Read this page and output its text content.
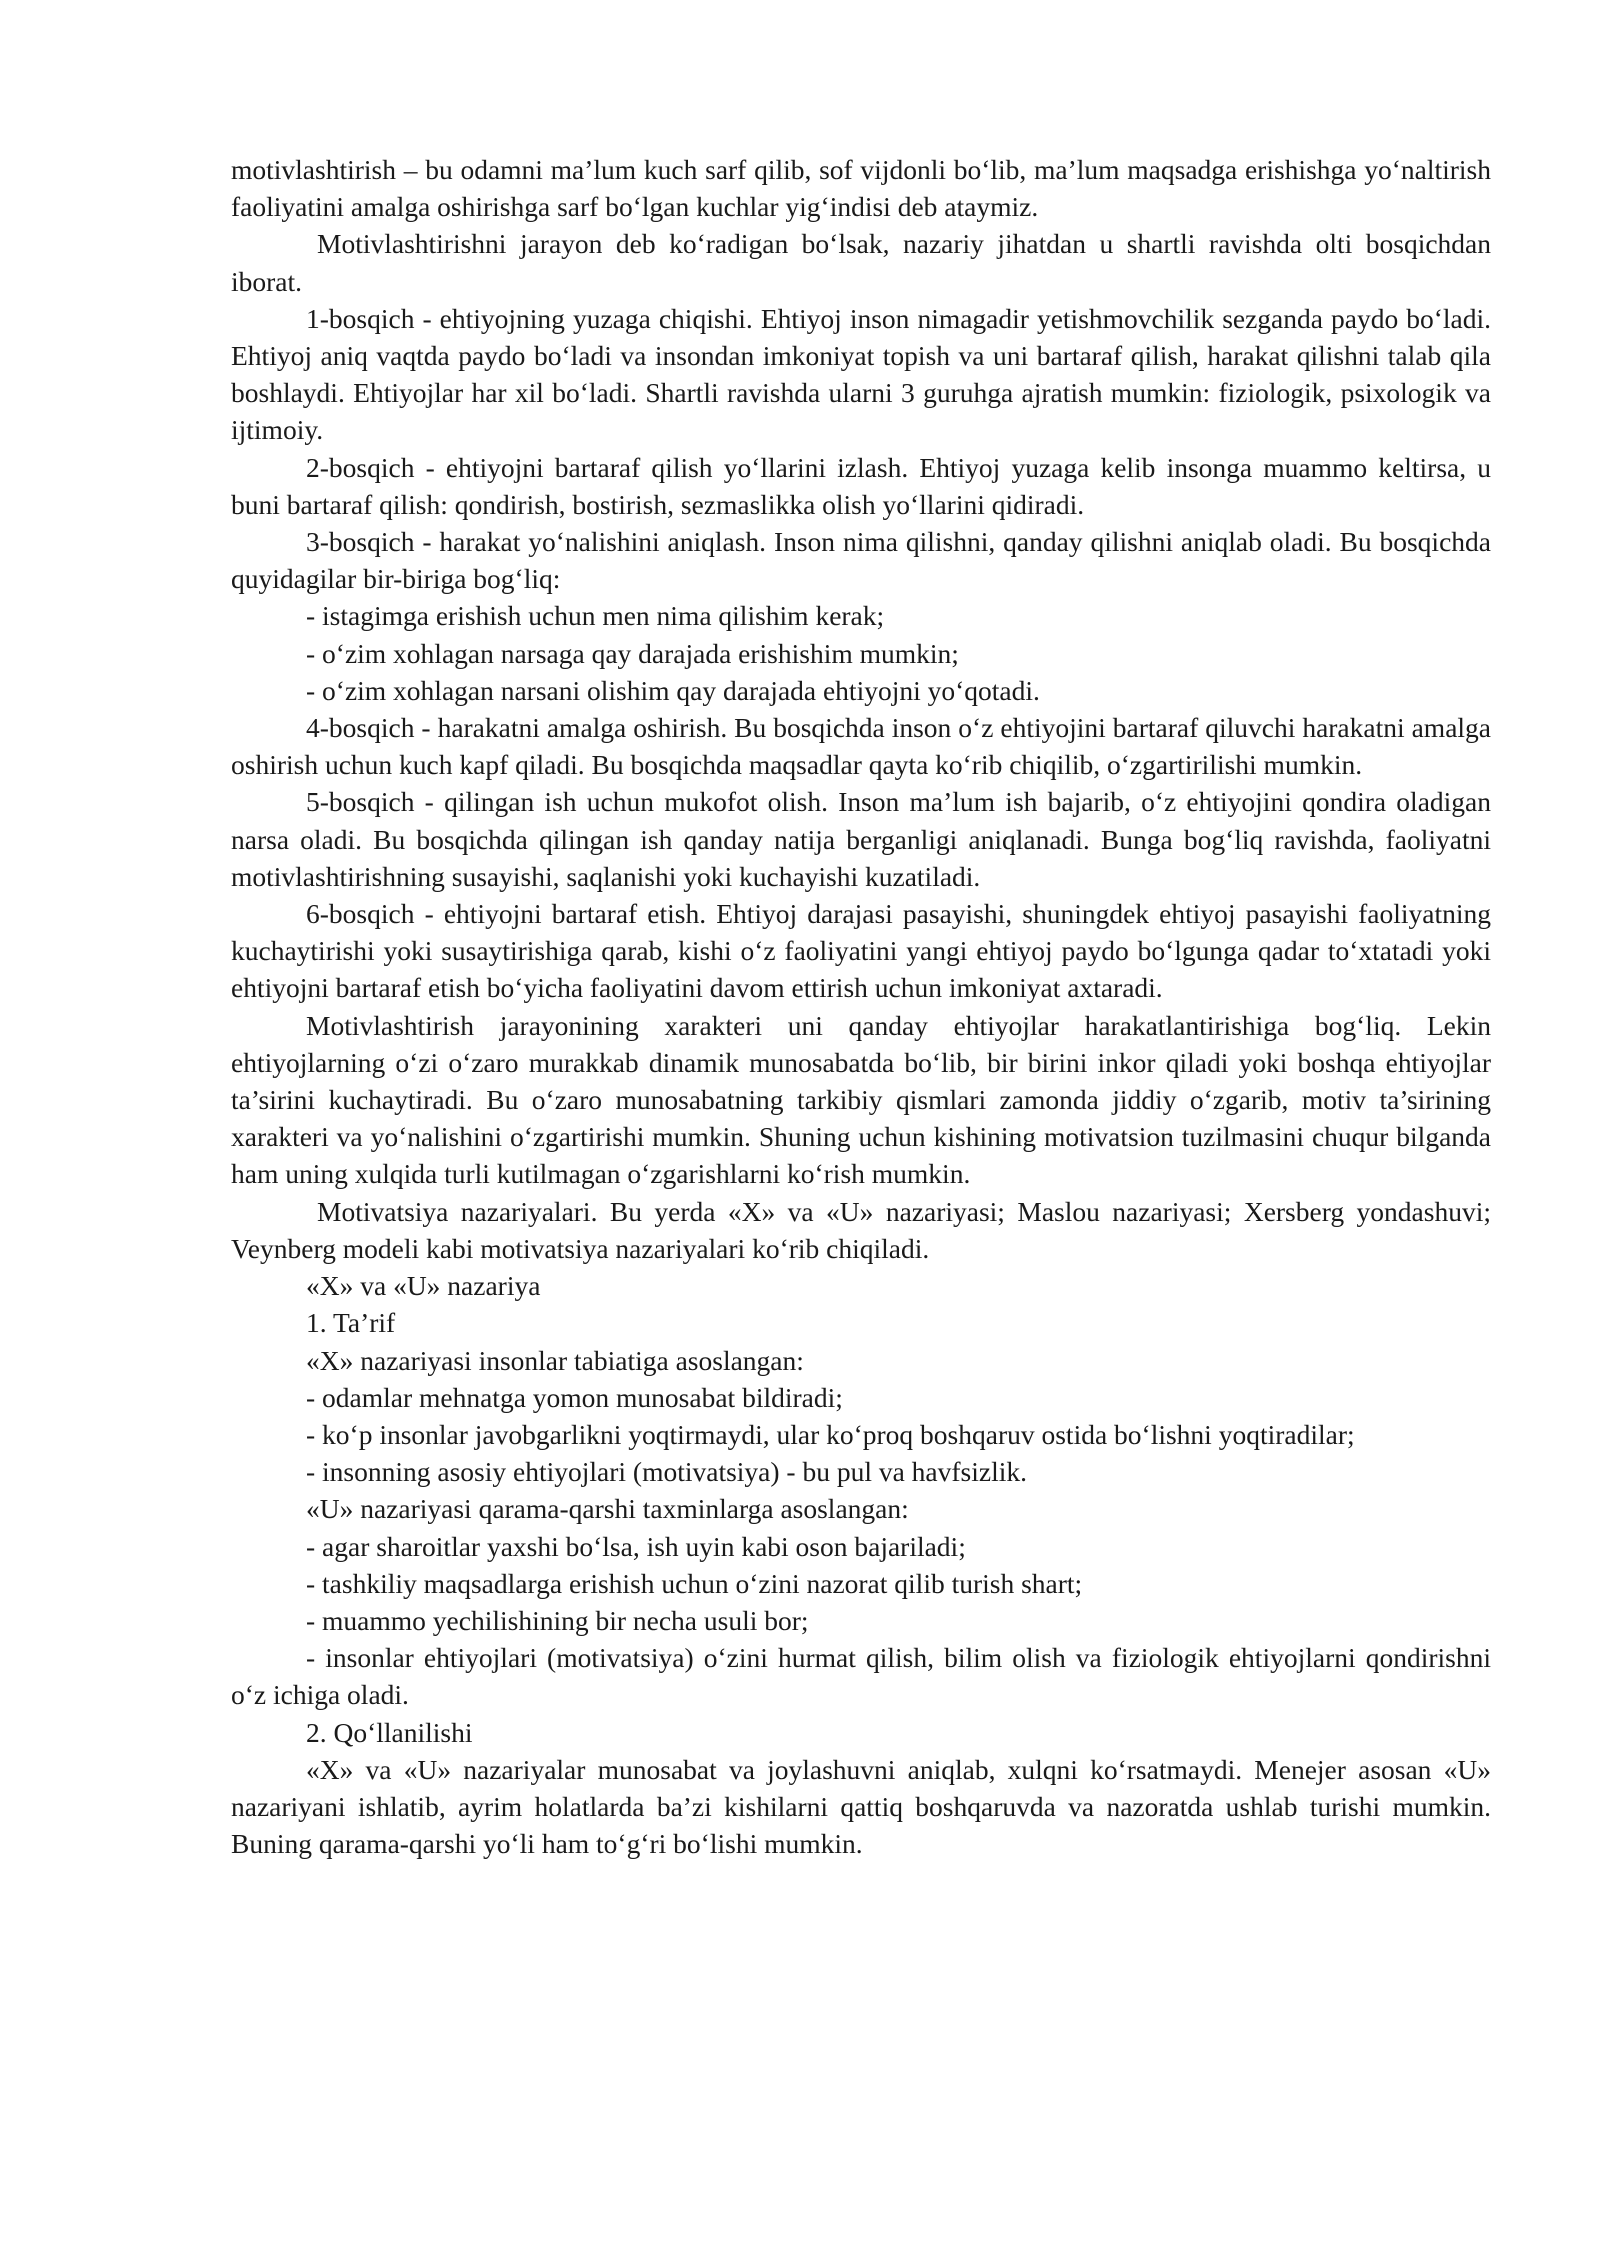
motivlashtirish – bu odamni ma’lum kuch sarf qilib, sof vijdonli bo‘lib, ma’lum maqsadga erishishga yo‘naltirish faoliyatini amalga oshirishga sarf bo‘lgan kuchlar yig‘indisi deb ataymiz.

Motivlashtirishni jarayon deb ko‘radigan bo‘lsak, nazariy jihatdan u shartli ravishda olti bosqichdan iborat.

1-bosqich - ehtiyojning yuzaga chiqishi. Ehtiyoj inson nimagadir yetishmovchilik sezganda paydo bo‘ladi. Ehtiyoj aniq vaqtda paydo bo‘ladi va insondan imkoniyat topish va uni bartaraf qilish, harakat qilishni talab qila boshlaydi. Ehtiyojlar har xil bo‘ladi. Shartli ravishda ularni 3 guruhga ajratish mumkin: fiziologik, psixologik va ijtimoiy.

2-bosqich - ehtiyojni bartaraf qilish yo‘llarini izlash. Ehtiyoj yuzaga kelib insonga muammo keltirsa, u buni bartaraf qilish: qondirish, bostirish, sezmaslikka olish yo‘llarini qidiradi.

3-bosqich - harakat yo‘nalishini aniqlash. Inson nima qilishni, qanday qilishni aniqlab oladi. Bu bosqichda quyidagilar bir-biriga bog‘liq:

- istagimga erishish uchun men nima qilishim kerak;

- o‘zim xohlagan narsaga qay darajada erishishim mumkin;

- o‘zim xohlagan narsani olishim qay darajada ehtiyojni yo‘qotadi.

4-bosqich - harakatni amalga oshirish. Bu bosqichda inson o‘z ehtiyojini bartaraf qiluvchi harakatni amalga oshirish uchun kuch kapf qiladi. Bu bosqichda maqsadlar qayta ko‘rib chiqilib, o‘zgartirilishi mumkin.

5-bosqich - qilingan ish uchun mukofot olish. Inson ma’lum ish bajarib, o‘z ehtiyojini qondira oladigan narsa oladi. Bu bosqichda qilingan ish qanday natija berganligi aniqlanadi. Bunga bog‘liq ravishda, faoliyatni motivlashtirishning susayishi, saqlanishi yoki kuchayishi kuzatiladi.

6-bosqich - ehtiyojni bartaraf etish. Ehtiyoj darajasi pasayishi, shuningdek ehtiyoj pasayishi faoliyatning kuchaytirishi yoki susaytirishiga qarab, kishi o‘z faoliyatini yangi ehtiyoj paydo bo‘lgunga qadar to‘xtatadi yoki ehtiyojni bartaraf etish bo‘yicha faoliyatini davom ettirish uchun imkoniyat axtaradi.

Motivlashtirish jarayonining xarakteri uni qanday ehtiyojlar harakatlantirishiga bog‘liq. Lekin ehtiyojlarning o‘zi o‘zaro murakkab dinamik munosabatda bo‘lib, bir birini inkor qiladi yoki boshqa ehtiyojlar ta’sirini kuchaytiradi. Bu o‘zaro munosabatning tarkibiy qismlari zamonda jiddiy o‘zgarib, motiv ta’sirining xarakteri va yo‘nalishini o‘zgartirishi mumkin. Shuning uchun kishining motivatsion tuzilmasini chuqur bilganda ham uning xulqida turli kutilmagan o‘zgarishlarni ko‘rish mumkin.

Motivatsiya nazariyalari. Bu yerda «X» va «U» nazariyasi; Maslou nazariyasi; Xersberg yondashuvi; Veynberg modeli kabi motivatsiya nazariyalari ko‘rib chiqiladi.

«X» va «U» nazariya

1. Ta’rif

«X» nazariyasi insonlar tabiatiga asoslangan:

- odamlar mehnatga yomon munosabat bildiradi;

- ko‘p insonlar javobgarlikni yoqtirmaydi, ular ko‘proq boshqaruv ostida bo‘lishni yoqtiradilar;

- insonning asosiy ehtiyojlari (motivatsiya) - bu pul va havfsizlik.

«U» nazariyasi qarama-qarshi taxminlarga asoslangan:

- agar sharoitlar yaxshi bo‘lsa, ish uyin kabi oson bajariladi;

- tashkiliy maqsadlarga erishish uchun o‘zini nazorat qilib turish shart;

- muammo yechilishining bir necha usuli bor;

- insonlar ehtiyojlari (motivatsiya) o‘zini hurmat qilish, bilim olish va fiziologik ehtiyojlarni qondirishni o‘z ichiga oladi.

2. Qo‘llanilishi

«X» va «U» nazariyalar munosabat va joylashuvni aniqlab, xulqni ko‘rsatmaydi. Menejer asosan «U» nazariyani ishlatib, ayrim holatlarda ba’zi kishilarni qattiq boshqaruvda va nazoratda ushlab turishi mumkin. Buning qarama-qarshi yo‘li ham to‘g‘ri bo‘lishi mumkin.
